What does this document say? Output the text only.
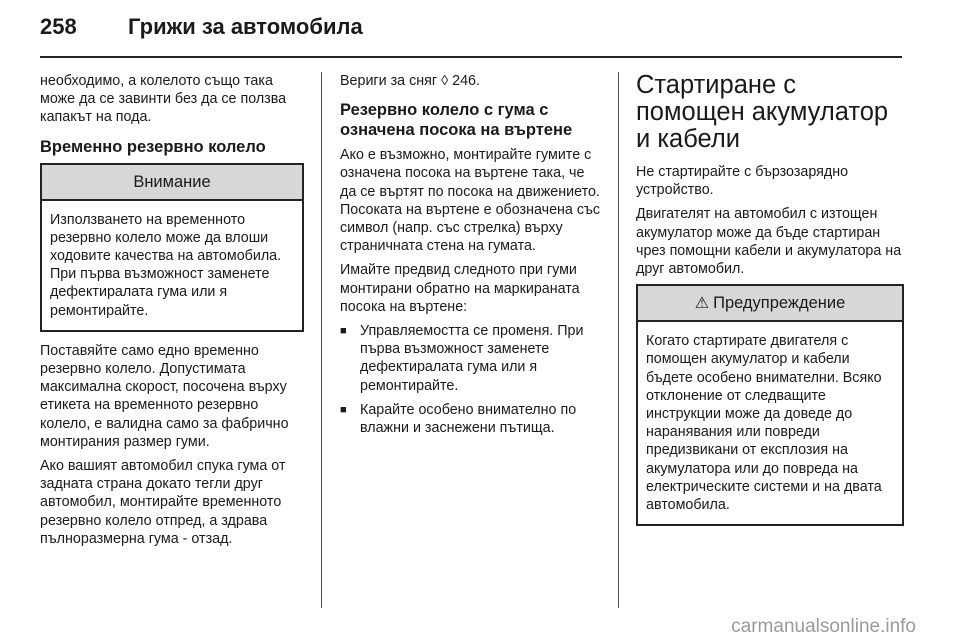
258	Грижи за автомобила

необходимо, а колелото също така може да се завинти без да се ползва капакът на пода.

Временно резервно колело
Внимание
Използването на временното резервно колело може да влоши ходовите качества на автомобила. При първа възможност заменете дефектиралата гума или я ремонтирайте.

Поставяйте само едно временно резервно колело. Допустимата максимална скорост, посочена върху етикета на временното резервно колело, е валидна само за фабрично монтирания размер гуми.

Ако вашият автомобил спука гума от задната страна докато тегли друг автомобил, монтирайте временното резервно колело отпред, а здрава пълноразмерна гума - отзад.

Вериги за сняг ◊ 246.

Резервно колело с гума с означена посока на въртене

Ако е възможно, монтирайте гумите с означена посока на въртене така, че да се въртят по посока на движението. Посоката на въртене е обозначена със символ (напр. със стрелка) върху страничната стена на гумата.

Имайте предвид следното при гуми монтирани обратно на маркираната посока на въртене:

■ Управляемостта се променя. При първа възможност заменете дефектиралата гума или я ремонтирайте.
■ Карайте особено внимателно по влажни и заснежени пътища.
Стартиране с помощен акумулатор и кабели

Не стартирайте с бързозарядно устройство.

Двигателят на автомобил с изтощен акумулатор може да бъде стартиран чрез помощни кабели и акумулатора на друг автомобил.

⚠ Предупреждение
Когато стартирате двигателя с помощен акумулатор и кабели бъдете особено внимателни. Всяко отклонение от следващите инструкции може да доведе до наранявания или повреди предизвикани от експлозия на акумулатора или до повреда на електрическите системи и на двата автомобила.
carmanualsonline.info
